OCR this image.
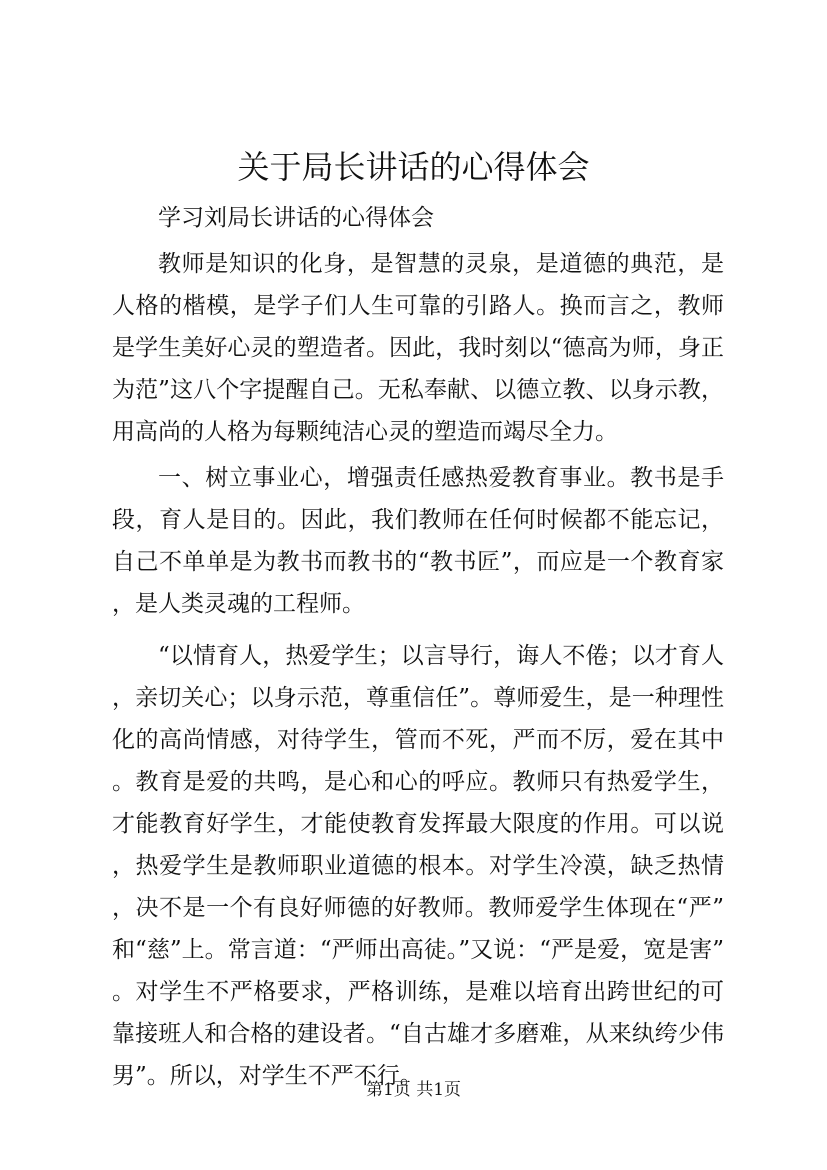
关于局长讲话的心得体会

学习刘局长讲话的心得体会

教师是知识的化身，是智慧的灵泉，是道德的典范，是人格的楷模，是学子们人生可靠的引路人。换而言之，教师是学生美好心灵的塑造者。因此，我时刻以“德高为师，身正为范”这八个字提醒自己。无私奉献、以德立教、以身示教，用高尚的人格为每颗纯洁心灵的塑造而竭尽全力。

一、树立事业心，增强责任感热爱教育事业。教书是手段，育人是目的。因此，我们教师在任何时候都不能忘记，自己不单单是为教书而教书的“教书匠”，而应是一个教育家，是人类灵魂的工程师。

“以情育人，热爱学生；以言导行，诲人不倦；以才育人，亲切关心；以身示范，尊重信任”。尊师爱生，是一种理性化的高尚情感，对待学生，管而不死，严而不厉，爱在其中。教育是爱的共鸣，是心和心的呼应。教师只有热爱学生，才能教育好学生，才能使教育发挥最大限度的作用。可以说，热爱学生是教师职业道德的根本。对学生冷漠，缺乏热情，决不是一个有良好师德的好教师。教师爱学生体现在“严”和“慈”上。常言道：“严师出高徒。”又说：“严是爱，宽是害”。对学生不严格要求，严格训练，是难以培育出跨世纪的可靠接班人和合格的建设者。“自古雄才多磨难，从来纨绔少伟男”。所以，对学生不严不行。

第1页 共1页
